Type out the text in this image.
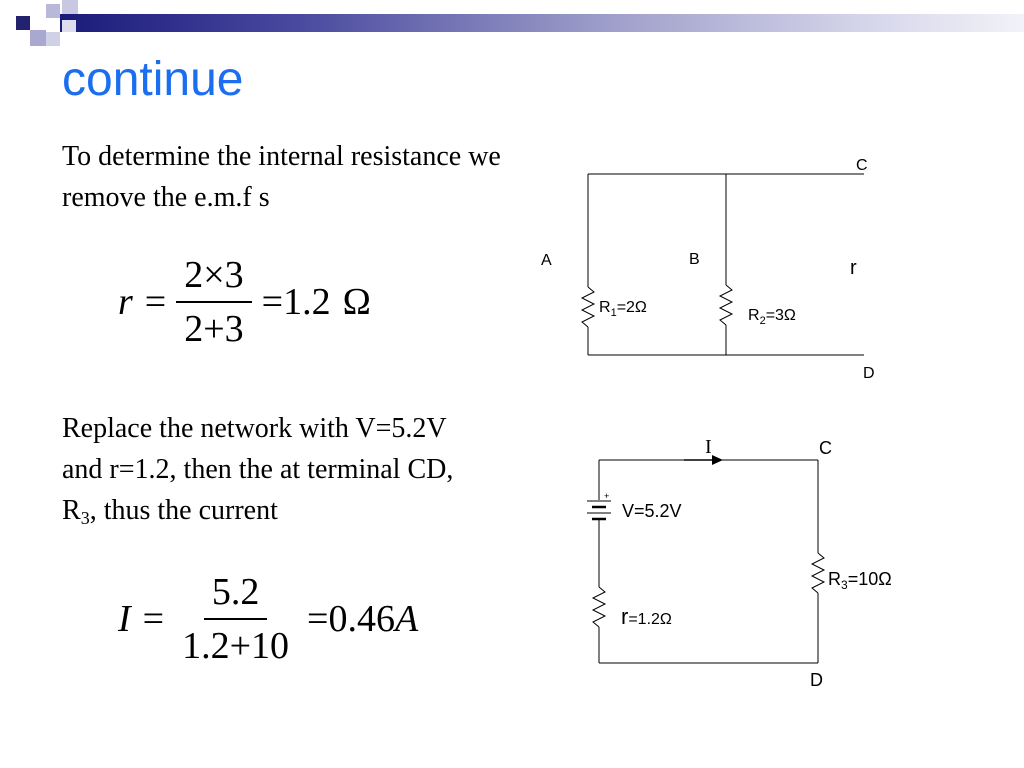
continue

To determine the internal resistance we

remove the e.m.f s

$r = \frac{2\times 3}{2+3} = 1.2$ Ω

Replace the network with V=5.2V

and r=1.2, then the at terminal CD,

$R_3$, thus the current

$I = \frac{5.2}{1.2+10} = 0.46$ A
C
D
A	B	r
$R_1=2\Omega$	$R_2=3\Omega$
+
I	C
D
V=5.2V
r=1.2Ω
$R_3=10\Omega$
